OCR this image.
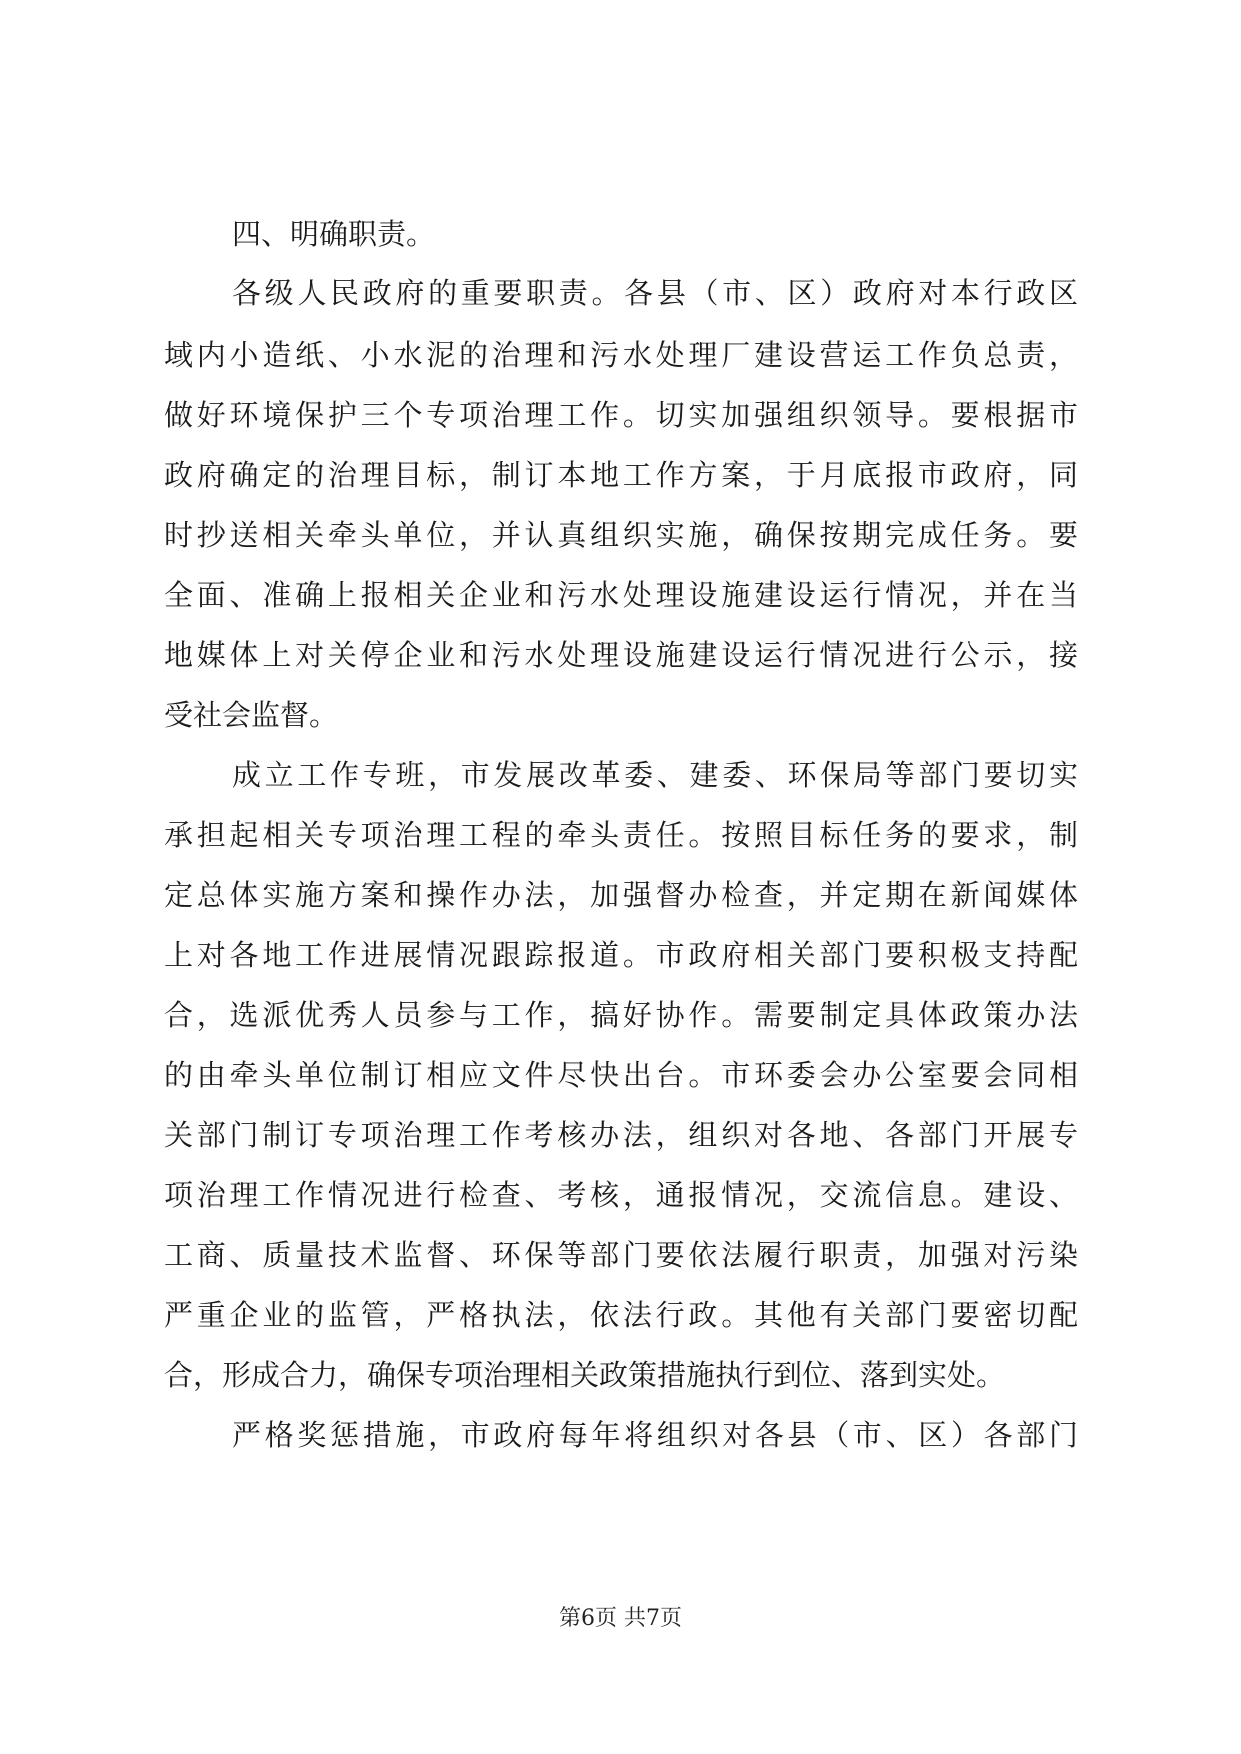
四、明确职责。
各级人民政府的重要职责。各县（市、区）政府对本行政区
域内小造纸、小水泥的治理和污水处理厂建设营运工作负总责，
做好环境保护三个专项治理工作。切实加强组织领导。要根据市
政府确定的治理目标，制订本地工作方案，于月底报市政府，同
时抄送相关牵头单位，并认真组织实施，确保按期完成任务。要
全面、准确上报相关企业和污水处理设施建设运行情况，并在当
地媒体上对关停企业和污水处理设施建设运行情况进行公示，接
受社会监督。
成立工作专班，市发展改革委、建委、环保局等部门要切实
承担起相关专项治理工程的牵头责任。按照目标任务的要求，制
定总体实施方案和操作办法，加强督办检查，并定期在新闻媒体
上对各地工作进展情况跟踪报道。市政府相关部门要积极支持配
合，选派优秀人员参与工作，搞好协作。需要制定具体政策办法
的由牵头单位制订相应文件尽快出台。市环委会办公室要会同相
关部门制订专项治理工作考核办法，组织对各地、各部门开展专
项治理工作情况进行检查、考核，通报情况，交流信息。建设、
工商、质量技术监督、环保等部门要依法履行职责，加强对污染
严重企业的监管，严格执法，依法行政。其他有关部门要密切配
合，形成合力，确保专项治理相关政策措施执行到位、落到实处。
严格奖惩措施，市政府每年将组织对各县（市、区）各部门
第6页 共7页
